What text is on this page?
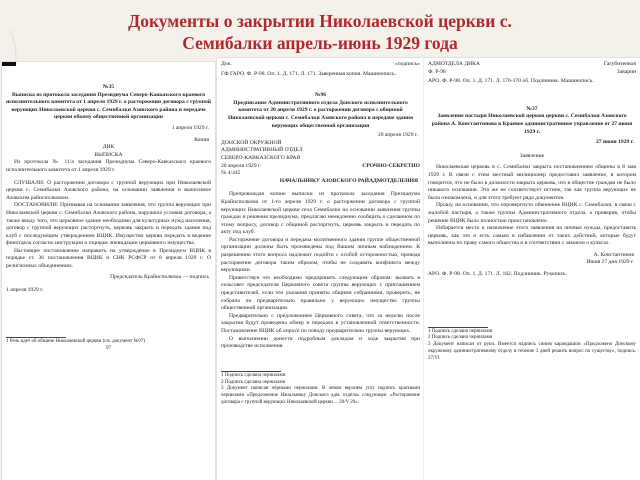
Документы о закрытии Николаевской церкви с.
Семибалки апрель-июнь 1929 года
№35

Выписка из протокола заседания Президиума Северо-Кавказского краевого исполнительного комитета от 1 апреля 1929 г. о расторжении договора с группой верующих Николаевской церкви с. Семибалки Азовского района и передаче церкви обкому общественной организации

1 апреля 1929 г.
Копия
ДИК
ВЫПИСКА

Из протокола № 11/а заседания Президиума Северо-Кавказского краевого исполнительного комитета от 1 апреля 1929 г.

СЛУШАЛИ: О расторжении договора с группой верующих при Николаевской церкви с. Семибалки Азовского района, на основании заявления и выносимое Азовским райисполкомом.

ПОСТАНОВИЛИ: Признавая на основании заявления, что группа верующих при Николаевской церкви с. Семибалки Азовского района, нарушила условия договора, а также ввиду того, что церковное здание необходимо для культурных нужд населения, договор с группой верующих расторгнуть, церковь закрыть и передать здание под клуб с последующим утверждением ВЦИК. Имущество церкви передать в ведение финотдела согласно инструкции о порядке ликвидации церковного имущества.

Настоящее постановление направить на утверждение в Президиум ВЦИК в порядке ст. 36 постановления ВЦИК и СНК РСФСР от 8 апреля 1929 г. О религиозных объединениях.

Председатель Крайисполкома — подпись
1 апреля 1929 г.

1 Речь идет об общине Николаевской церкви (см. документ №97)

97
Док.	«подпись»

ГФ ГАРО. Ф. Р-98. Оп. 1. Д. 171. Л. 171. Заверенная копия. Машинопись.

№96

Предписание Административного отдела Донского исполнительного комитета от 20 апреля 1929 г. о расторжении договора с общиной Николаевской церкви с. Семибалки Азовского района и передаче здания верующих общественной организации

20 апреля 1929 г.

ДОНСКОЙ ОКРУЖНОЙ АДМИНИСТРАТИВНЫЙ ОТДЕЛ СЕВЕРО-КАВКАЗСКОГО КРАЯ

20 апреля 1929 г.	СРОЧНО-СЕКРЕТНО
№ 4/445
НАЧАЛЬНИКУ АЗОВСКОГО РАЙАДМОТДЕЛЕНИЯ

Препровождая копию выписки из протокола заседания Президиума Крайисполкома от 1-го апреля 1929 г. о расторжении договора с группой верующих Николаевской церкви села Семибалки на основании заявления группы граждан и решения президиума, предлагаю немедленно сообщить о сделанном по этому вопросу, договор с общиной расторгнуть, церковь закрыть и передать по акту под клуб.

Расторжение договора и передача молитвенного здания группе общественной организации должны быть произведены под Вашим личным наблюдением. К разрешению этого вопроса надлежит подойти с особой осторожностью, проводя расторжение договора таким образом, чтобы не создавать конфликта между верующими.

Приветствуя это необходимо предпринять следующим образом: вызвать в сельсовет председателя Церковного совета группы верующих с приглашением представителей, если эти указания приняты общими собраниями, проверить, не собрана ли предварительно правильно у верующих имущество группы общественной организации.

Предварительно с предложением Церковного совета, что за неделю после закрытия будут проведены обмер и передача в установленной ответственности. Постановление ВЦИК об опросе по поводу предварительно группы верующих.

О выполнении донести подробным докладом и ходе закрытия при производстве исполнения.

1 Подпись сделана чернилами

2 Подпись сделана чернилами

3 Документ написан чёрными чернилами. В левом верхнем углу надпись красными чернилами «Предложение Начальнику Донского адм. отдела» следующее: «Расторжение договора с группой верующих Николаевской церкви ... 20/V 29».

АДМОТДЕЛА ДИКА	Гагубитенков
Ф. Р-98	Заварин

АРО. Ф. Р-98. Оп. 1. Д. 171. Л. 170-170 об. Подлинник. Машинопись.

№37

Заявление пастыря Николаевской церкви церкви с. Семибалки Азовского района А. Константинова в Краевое административное управление от 27 июня 1929 г.

27 июня 1929 г.
Заявление

Николаевская церковь в с. Семибалки закрыта постановлением общины в 8 мая 1929 г. В связи с этим местный милиционер предоставил заявление, в котором говорится, что не было в должности закрыта церковь, что в обществе граждан не было никакого основания. Это же не соответствует истине, так как группа верующих не была ознакомлена, и для этого требуют ряда документов.

Прошу, на основании, что опровергнуто обвинение ВЦИК с. Семибалки, в связи с жалобой пастыря, а также группы Административного отдела, а проверив, чтобы решение ВЦИК было полностью приостановлено.

Избирается место и назначение этого заявления на личные нужды, предоставить церковь, как это и есть самым в избавлении от таких действий, которые будут выполнены по праву самого общества и в соответствии с законом о культах.

А. Константинов
Июня 27 дня 1929 г.

АРО. Ф. Р-98. Оп. 1. Д. 171. Л. 182. Подлинник. Рукопись.

1 Подпись сделана чернилами

2 Подпись сделана чернилами

3 Документ написан от руки. Имеется надпись синим карандашом «Предложено Донскому окружному административному отделу в течение 3 дней решить вопрос по существу», подпись. 27/VI
